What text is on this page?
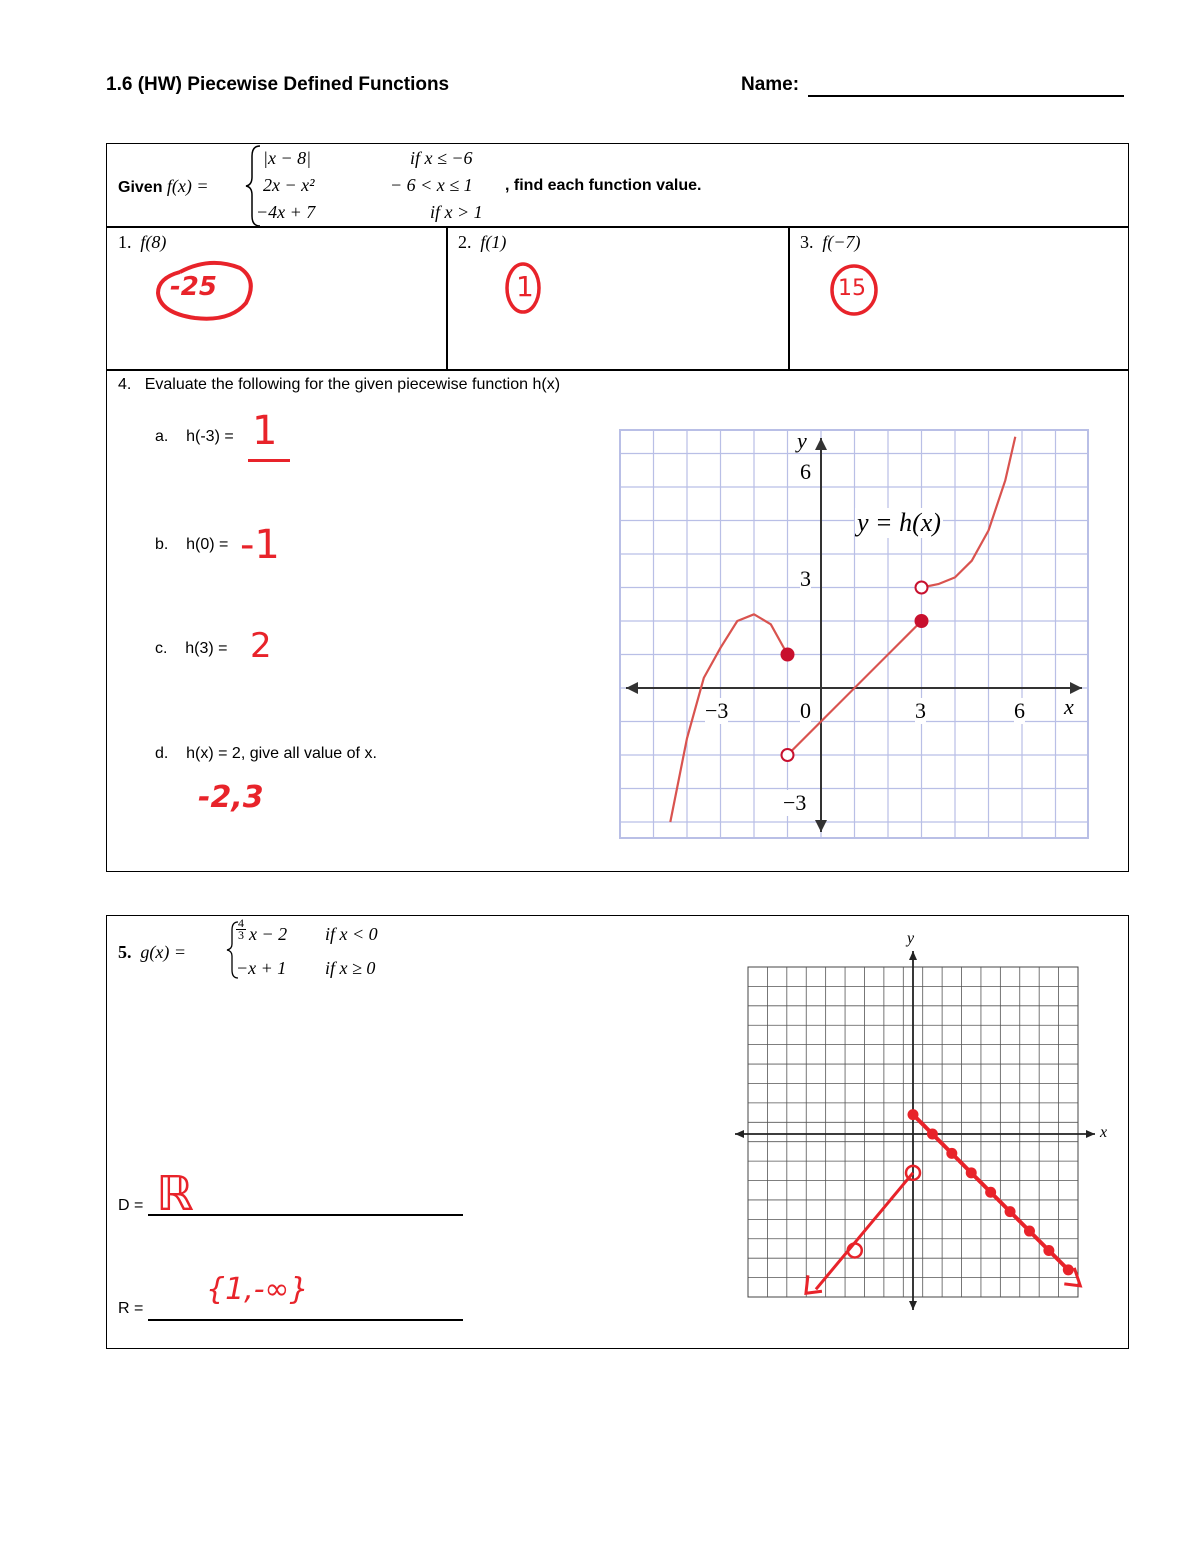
1.6 (HW) Piecewise Defined Functions	Name:
Given f(x) =
|x − 8|	if x ≤ −6
2x − x²	− 6 < x ≤ 1 , find each function value.
−4x + 7	if x > 1
1. f(8)	2. f(1)	3. f(−7)
-25	1	15
4. Evaluate the following for the given piecewise function h(x)
a. h(-3) = 1
b. h(0) = -1
c. h(3) = 2
d. h(x) = 2, give all value of x.
-2,3
y
x
y = h(x)
−3	0	3	6
6
3
−3
5. g(x) =
4
3 x − 2 if x < 0
−x + 1 if x ≥ 0
D = ℝ
R =
{1,-∞}
y
x
